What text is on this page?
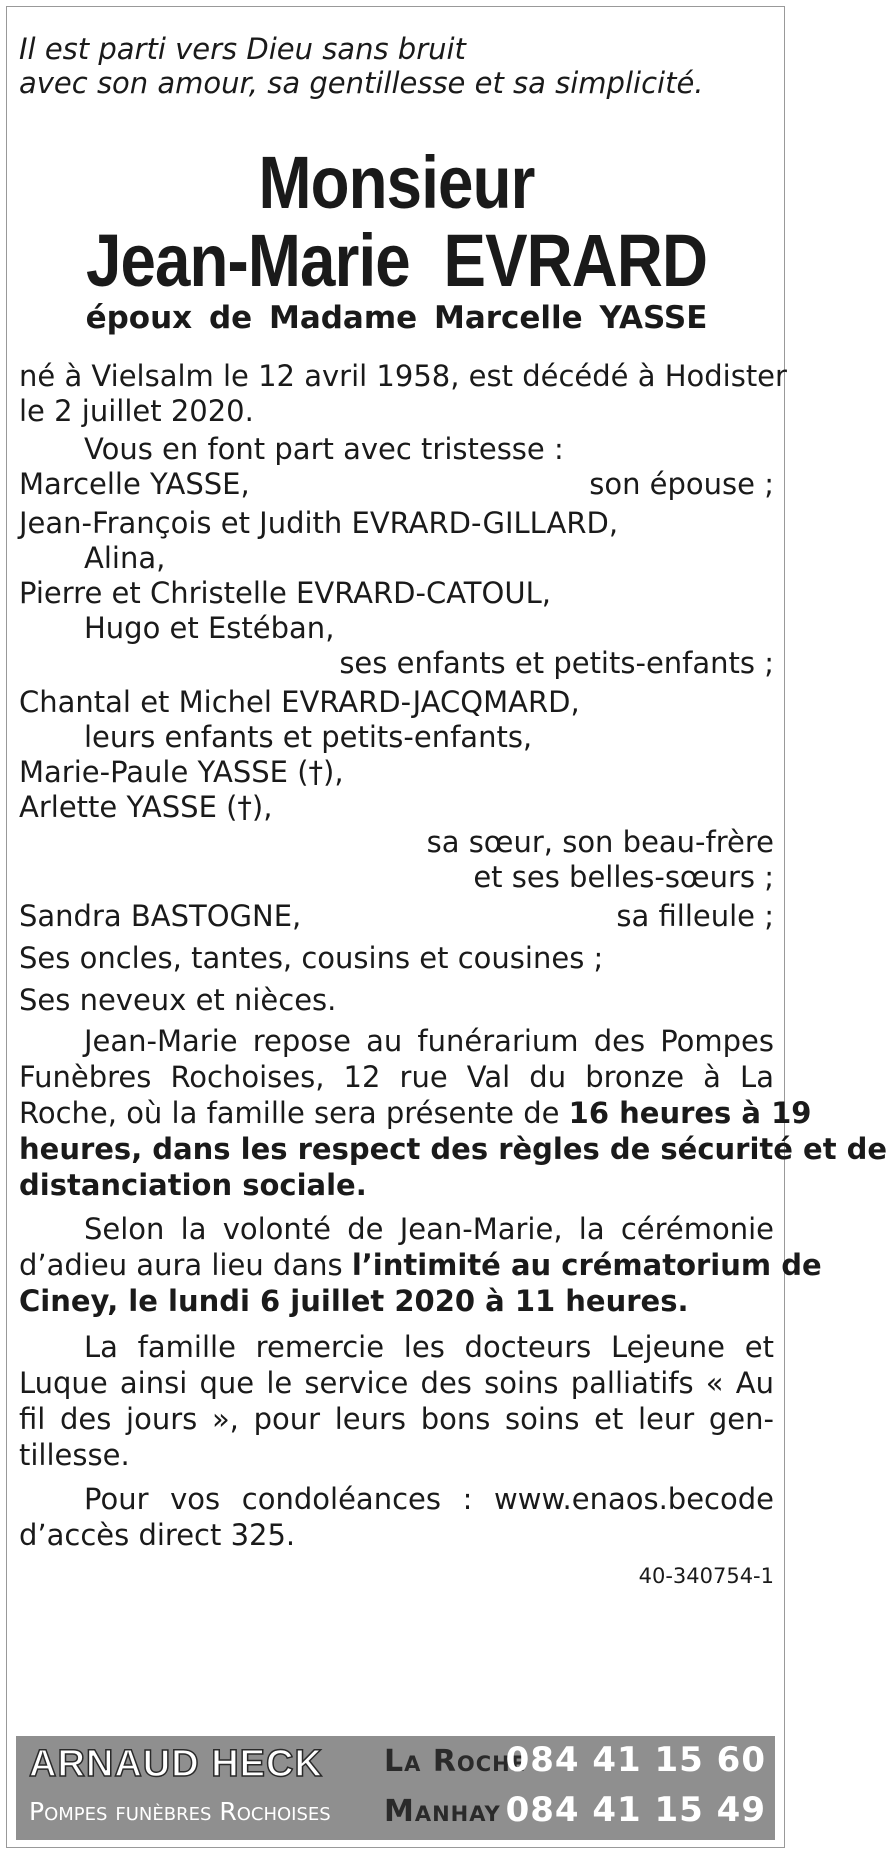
Il est parti vers Dieu sans bruit
avec son amour, sa gentillesse et sa simplicité.
Monsieur
Jean-Marie  EVRARD
époux de Madame Marcelle YASSE
né à Vielsalm le 12 avril 1958, est décédé à Hodister
le 2 juillet 2020.
Vous en font part avec tristesse :
Marcelle YASSE,	son épouse ;
Jean-François et Judith EVRARD-GILLARD,
Alina,
Pierre et Christelle EVRARD-CATOUL,
Hugo et Estéban,
ses enfants et petits-enfants ;
Chantal et Michel EVRARD-JACQMARD,
leurs enfants et petits-enfants,
Marie-Paule YASSE (†),
Arlette YASSE (†),
sa sœur, son beau-frère
et ses belles-sœurs ;
Sandra BASTOGNE,	sa filleule ;
Ses oncles, tantes, cousins et cousines ;
Ses neveux et nièces.
Jean-Marie repose au funérarium des Pompes
Funèbres Rochoises, 12 rue Val du bronze à La
Roche, où la famille sera présente de 16 heures à 19
heures, dans les respect des règles de sécurité et de
distanciation sociale.
Selon la volonté de Jean-Marie, la cérémonie
d’adieu aura lieu dans l’intimité au crématorium de
Ciney, le lundi 6 juillet 2020 à 11 heures.
La famille remercie les docteurs Lejeune et
Luque ainsi que le service des soins palliatifs « Au
fil des jours », pour leurs bons soins et leur gen-
tillesse.
Pour vos condoléances : www.enaos.becode
d’accès direct 325.
40-340754-1
ARNAUD HECK
Pompes funèbres Rochoises
La Roche
084 41 15 60
Manhay 084 41 15 49
